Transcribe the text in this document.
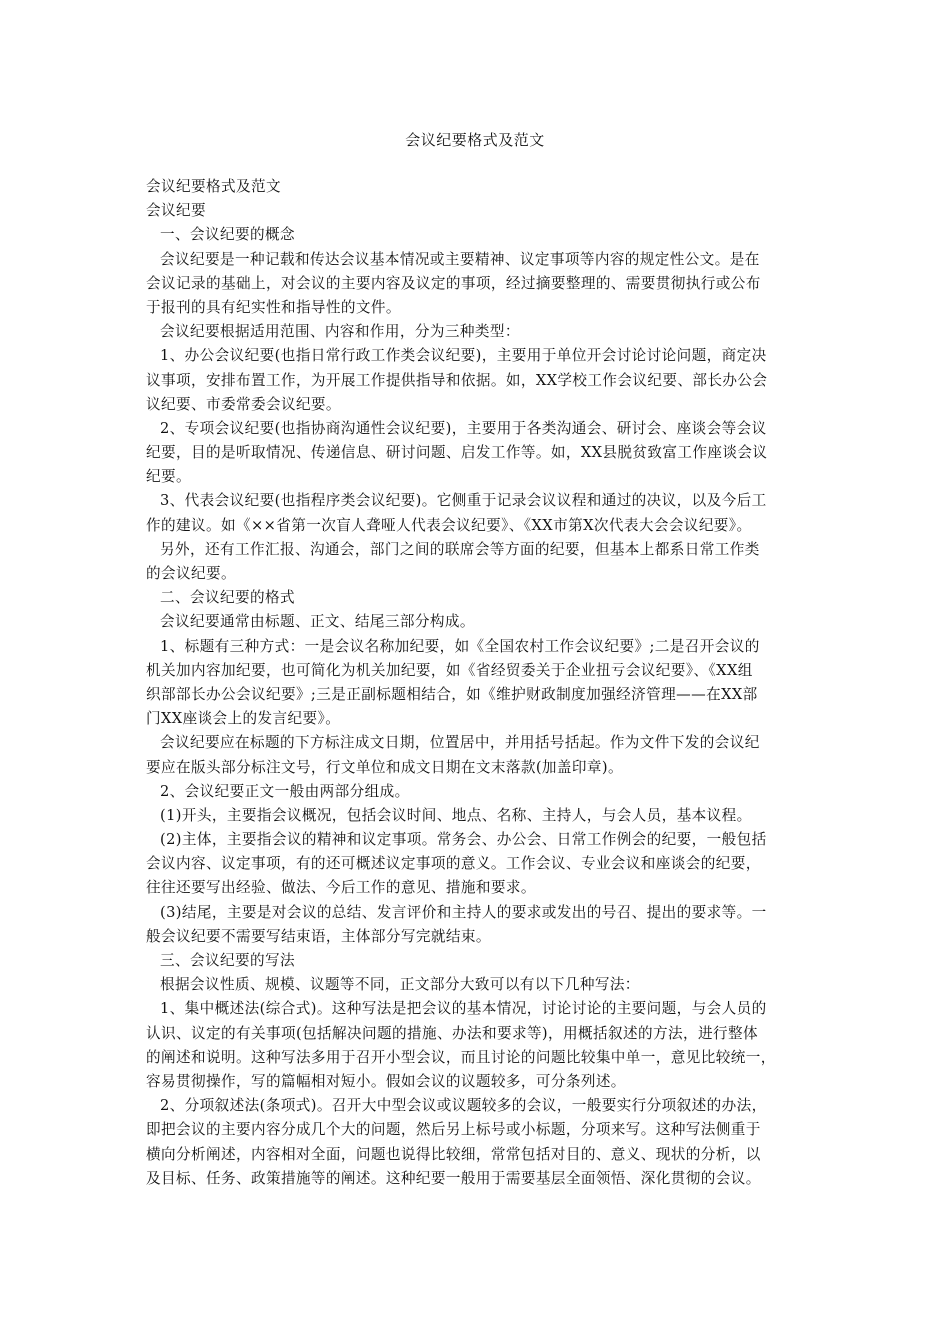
会议纪要格式及范文
会议纪要格式及范文
会议纪要
一、会议纪要的概念
会议纪要是一种记载和传达会议基本情况或主要精神、议定事项等内容的规定性公文。是在
会议记录的基础上，对会议的主要内容及议定的事项，经过摘要整理的、需要贯彻执行或公布
于报刊的具有纪实性和指导性的文件。
会议纪要根据适用范围、内容和作用，分为三种类型：
1、办公会议纪要(也指日常行政工作类会议纪要)，主要用于单位开会讨论讨论问题，商定决
议事项，安排布置工作，为开展工作提供指导和依据。如，XX学校工作会议纪要、部长办公会
议纪要、市委常委会议纪要。
2、专项会议纪要(也指协商沟通性会议纪要)，主要用于各类沟通会、研讨会、座谈会等会议
纪要，目的是听取情况、传递信息、研讨问题、启发工作等。如，XX县脱贫致富工作座谈会议
纪要。
3、代表会议纪要(也指程序类会议纪要)。它侧重于记录会议议程和通过的决议，以及今后工
作的建议。如《××省第一次盲人聋哑人代表会议纪要》、《XX市第X次代表大会会议纪要》。
另外，还有工作汇报、沟通会，部门之间的联席会等方面的纪要，但基本上都系日常工作类
的会议纪要。
二、会议纪要的格式
会议纪要通常由标题、正文、结尾三部分构成。
1、标题有三种方式：一是会议名称加纪要，如《全国农村工作会议纪要》;二是召开会议的
机关加内容加纪要，也可简化为机关加纪要，如《省经贸委关于企业扭亏会议纪要》、《XX组
织部部长办公会议纪要》;三是正副标题相结合，如《维护财政制度加强经济管理——在XX部
门XX座谈会上的发言纪要》。
会议纪要应在标题的下方标注成文日期，位置居中，并用括号括起。作为文件下发的会议纪
要应在版头部分标注文号，行文单位和成文日期在文末落款(加盖印章)。
2、会议纪要正文一般由两部分组成。
(1)开头，主要指会议概况，包括会议时间、地点、名称、主持人，与会人员，基本议程。
(2)主体，主要指会议的精神和议定事项。常务会、办公会、日常工作例会的纪要，一般包括
会议内容、议定事项，有的还可概述议定事项的意义。工作会议、专业会议和座谈会的纪要，
往往还要写出经验、做法、今后工作的意见、措施和要求。
(3)结尾，主要是对会议的总结、发言评价和主持人的要求或发出的号召、提出的要求等。一
般会议纪要不需要写结束语，主体部分写完就结束。
三、会议纪要的写法
根据会议性质、规模、议题等不同，正文部分大致可以有以下几种写法：
1、集中概述法(综合式)。这种写法是把会议的基本情况，讨论讨论的主要问题，与会人员的
认识、议定的有关事项(包括解决问题的措施、办法和要求等)，用概括叙述的方法，进行整体
的阐述和说明。这种写法多用于召开小型会议，而且讨论的问题比较集中单一，意见比较统一，
容易贯彻操作，写的篇幅相对短小。假如会议的议题较多，可分条列述。
2、分项叙述法(条项式)。召开大中型会议或议题较多的会议，一般要实行分项叙述的办法，
即把会议的主要内容分成几个大的问题，然后另上标号或小标题，分项来写。这种写法侧重于
横向分析阐述，内容相对全面，问题也说得比较细，常常包括对目的、意义、现状的分析，以
及目标、任务、政策措施等的阐述。这种纪要一般用于需要基层全面领悟、深化贯彻的会议。
